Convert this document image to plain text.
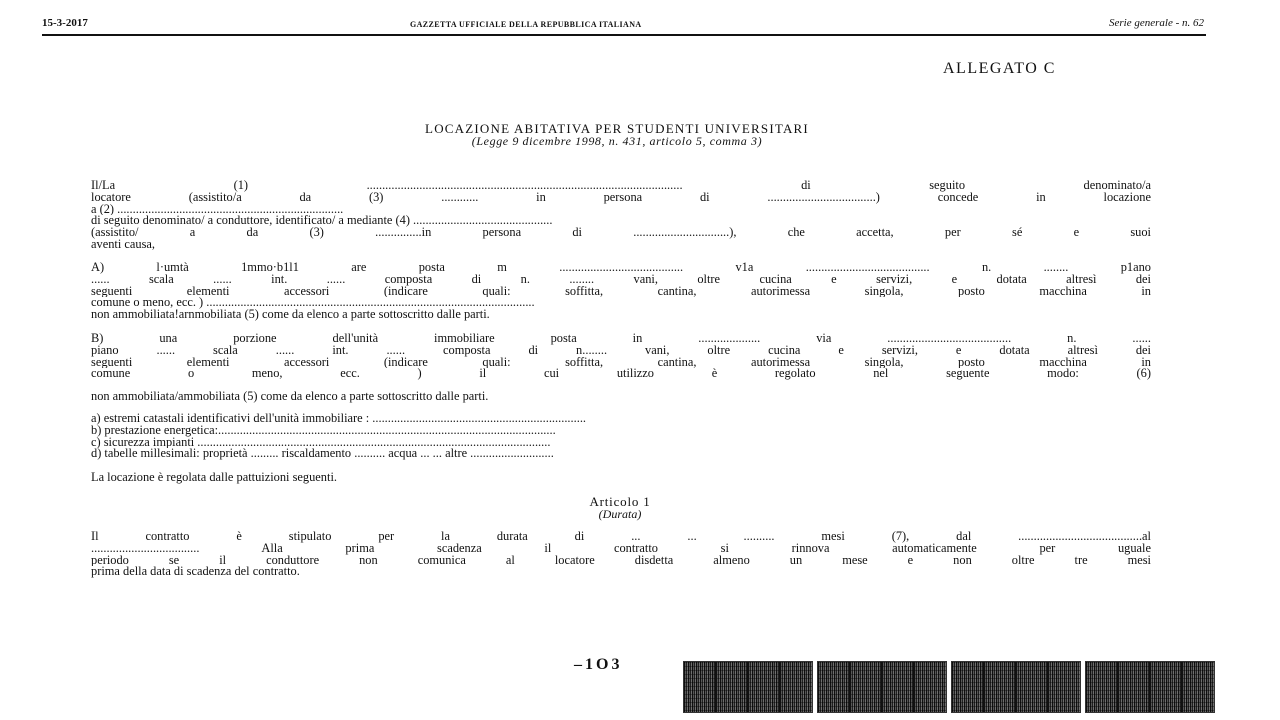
15-3-2017	GAZZETTA UFFICIALE DELLA REPUBBLICA ITALIANA	Serie generale - n. 62
ALLEGATO C
LOCAZIONE ABITATIVA PER STUDENTI UNIVERSITARI
(Legge 9 dicembre 1998, n. 431, articolo 5, comma 3)
Il/La (1) ...................................................................................................... di seguito denominato/a
locatore (assistito/a da (3) ............ in persona di ...................................) concede in locazione
a (2) .........................................................................
di seguito denominato/ a conduttore, identificato/ a mediante (4) .............................................
(assistito/ a da (3) ...............in persona di ...............................), che accetta, per sé e suoi
aventi causa,
A) l·umtà 1mmo·b1l1 are posta m ........................................ v1a ........................................ n. ........ p1ano
...... scala ...... int. ...... composta di n. ........ vani, oltre cucina e servizi, e dotata altresì dei
seguenti elementi accessori (indicare quali: soffitta, cantina, autorimessa singola, posto macchina in
comune o meno, ecc. ) ..........................................................................................................
non ammobiliata!arnmobiliata (5) come da elenco a parte sottoscritto dalle parti.
B) una porzione dell'unità immobiliare posta in .................... via ........................................ n. ......
piano ...... scala ...... int. ...... composta di n........ vani, oltre cucina e servizi, e dotata altresì dei
seguenti elementi accessori (indicare quali: soffitta, cantina, autorimessa singola, posto macchina in
comune o meno, ecc. ) il cui utilizzo è regolato nel seguente modo: (6)
non ammobiliata/ammobiliata (5) come da elenco a parte sottoscritto dalle parti.
a) estremi catastali identificativi dell'unità immobiliare : .....................................................................
b) prestazione energetica:.............................................................................................................
c) sicurezza impianti ..................................................................................................................
d) tabelle millesimali: proprietà ......... riscaldamento .......... acqua ... ... altre ...........................
La locazione è regolata dalle pattuizioni seguenti.
Articolo 1
(Durata)
Il contratto è stipulato per la durata di ... ... .......... mesi (7), dal ........................................al
................................... Alla prima scadenza il contratto si rinnova automaticamente per uguale
periodo se il conduttore non comunica al locatore disdetta almeno un mese e non oltre tre mesi
prima della data di scadenza del contratto.
–1O3
